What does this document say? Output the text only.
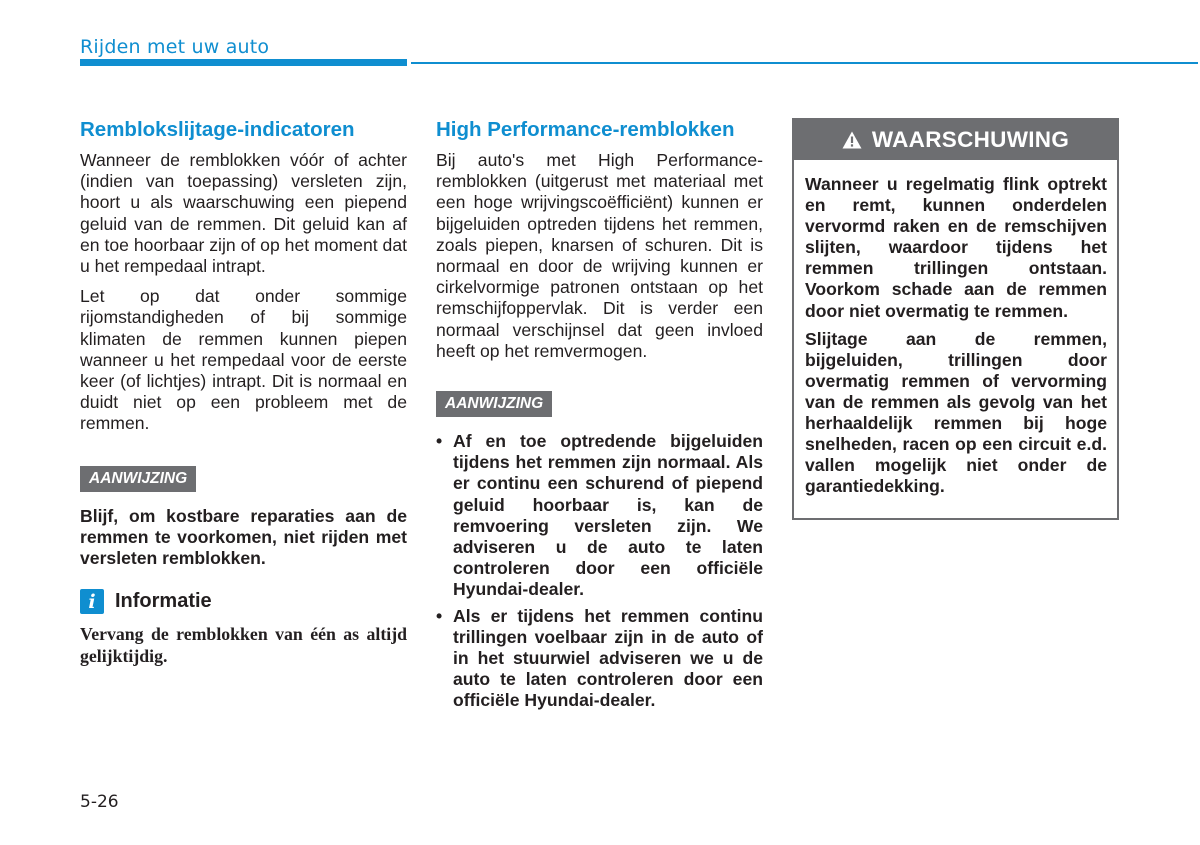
Rijden met uw auto
Remblokslijtage-indicatoren

Wanneer de remblokken vóór of achter (indien van toepassing) versleten zijn, hoort u als waarschuwing een piepend geluid van de remmen. Dit geluid kan af en toe hoorbaar zijn of op het moment dat u het rempedaal intrapt.

Let op dat onder sommige rijomstandigheden of bij sommige klimaten de remmen kunnen piepen wanneer u het rempedaal voor de eerste keer (of lichtjes) intrapt. Dit is normaal en duidt niet op een probleem met de remmen.

AANWIJZING

Blijf, om kostbare reparaties aan de remmen te voorkomen, niet rijden met versleten remblokken.

i Informatie

Vervang de remblokken van één as altijd gelijktijdig.

High Performance-remblokken

Bij auto's met High Performance-remblokken (uitgerust met materiaal met een hoge wrijvingscoëfficiënt) kunnen er bijgeluiden optreden tijdens het remmen, zoals piepen, knarsen of schuren. Dit is normaal en door de wrijving kunnen er cirkelvormige patronen ontstaan op het remschijfoppervlak. Dit is verder een normaal verschijnsel dat geen invloed heeft op het remvermogen.

AANWIJZING
• Af en toe optredende bijgeluiden tijdens het remmen zijn normaal. Als er continu een schurend of piepend geluid hoorbaar is, kan de remvoering versleten zijn. We adviseren u de auto te laten controleren door een officiële Hyundai-dealer.
• Als er tijdens het remmen continu trillingen voelbaar zijn in de auto of in het stuurwiel adviseren we u de auto te laten controleren door een officiële Hyundai-dealer.
WAARSCHUWING

Wanneer u regelmatig flink optrekt en remt, kunnen onderdelen vervormd raken en de remschijven slijten, waardoor tijdens het remmen trillingen ontstaan. Voorkom schade aan de remmen door niet overmatig te remmen.

Slijtage aan de remmen, bijgeluiden, trillingen door overmatig remmen of vervorming van de remmen als gevolg van het herhaaldelijk remmen bij hoge snelheden, racen op een circuit e.d. vallen mogelijk niet onder de garantiedekking.

5-26
